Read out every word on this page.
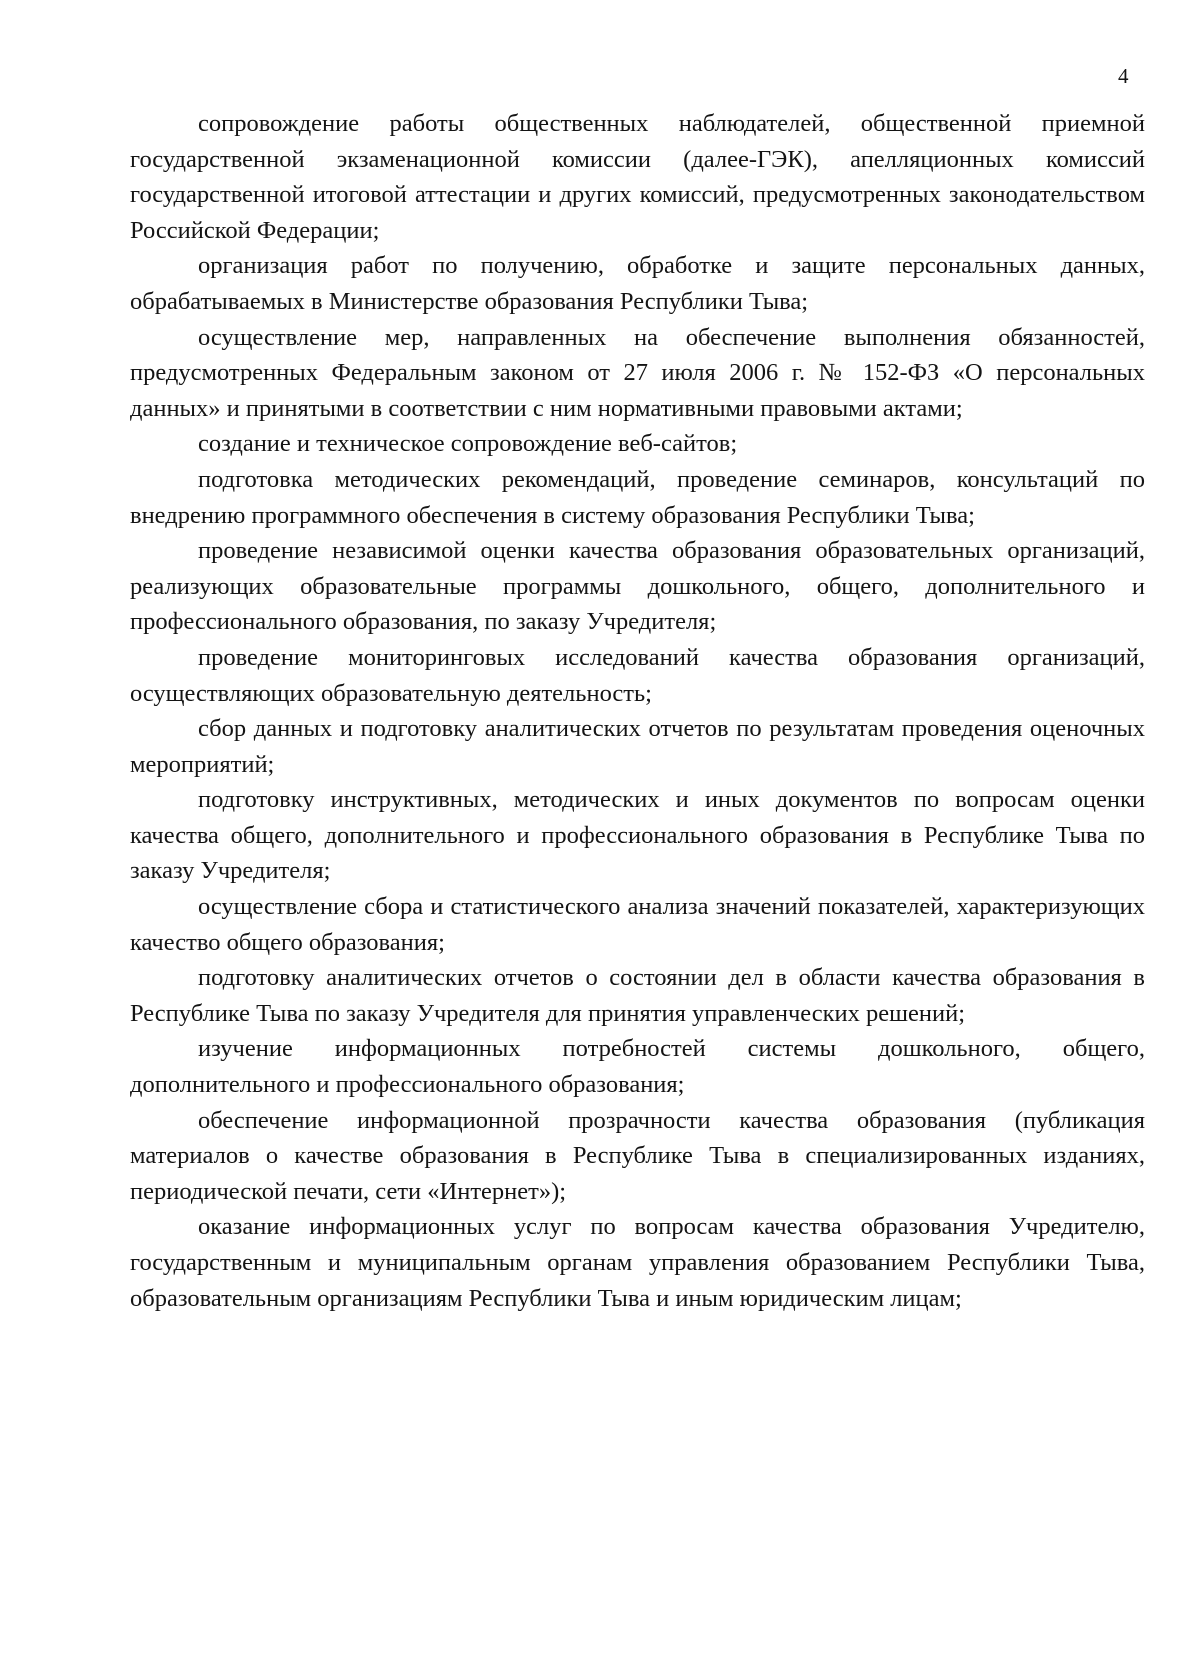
4

сопровождение работы общественных наблюдателей, общественной приемной государственной экзаменационной комиссии (далее-ГЭК), апелляционных комиссий государственной итоговой аттестации и других комиссий, предусмотренных законодательством Российской Федерации;

организация работ по получению, обработке и защите персональных данных, обрабатываемых в Министерстве образования Республики Тыва;

осуществление мер, направленных на обеспечение выполнения обязанностей, предусмотренных Федеральным законом от 27 июля 2006 г. № 152-ФЗ «О персональных данных» и принятыми в соответствии с ним нормативными правовыми актами;

создание и техническое сопровождение веб-сайтов;

подготовка методических рекомендаций, проведение семинаров, консультаций по внедрению программного обеспечения в систему образования Республики Тыва;

проведение независимой оценки качества образования образовательных организаций, реализующих образовательные программы дошкольного, общего, дополнительного и профессионального образования, по заказу Учредителя;

проведение мониторинговых исследований качества образования организаций, осуществляющих образовательную деятельность;

сбор данных и подготовку аналитических отчетов по результатам проведения оценочных мероприятий;

подготовку инструктивных, методических и иных документов по вопросам оценки качества общего, дополнительного и профессионального образования в Республике Тыва по заказу Учредителя;

осуществление сбора и статистического анализа значений показателей, характеризующих качество общего образования;

подготовку аналитических отчетов о состоянии дел в области качества образования в Республике Тыва по заказу Учредителя для принятия управленческих решений;

изучение информационных потребностей системы дошкольного, общего, дополнительного и профессионального образования;

обеспечение информационной прозрачности качества образования (публикация материалов о качестве образования в Республике Тыва в специализированных изданиях, периодической печати, сети «Интернет»);

оказание информационных услуг по вопросам качества образования Учредителю, государственным и муниципальным органам управления образованием Республики Тыва, образовательным организациям Республики Тыва и иным юридическим лицам;
